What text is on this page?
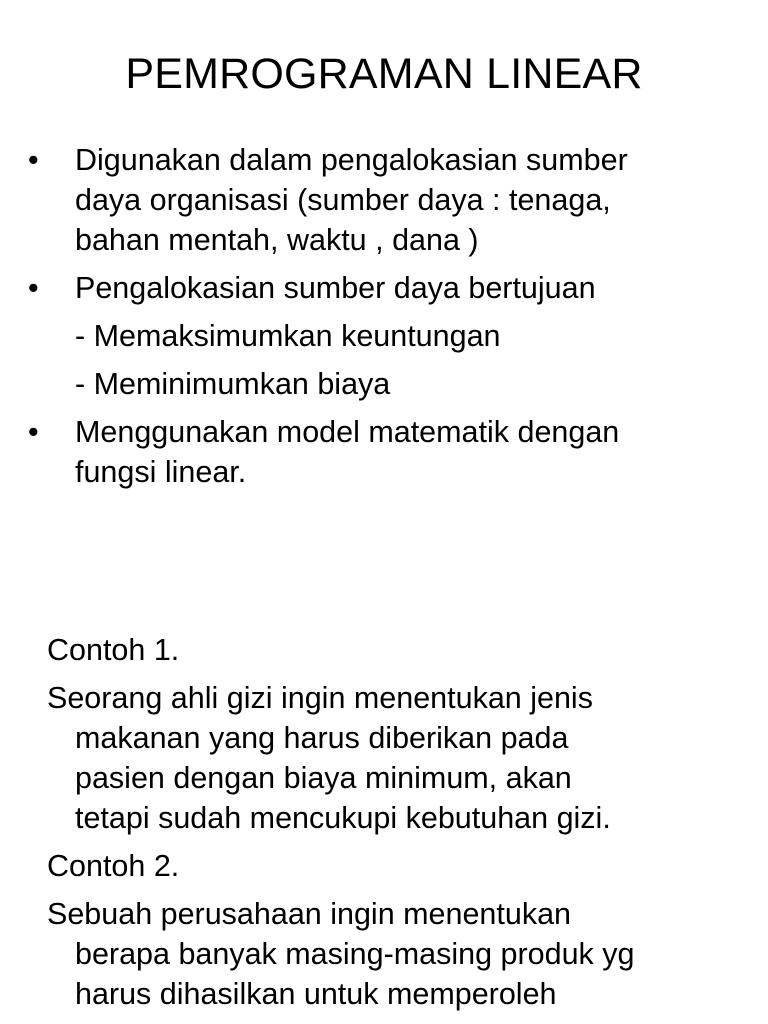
PEMROGRAMAN LINEAR
•	Digunakan dalam pengalokasian sumber
daya organisasi (sumber daya : tenaga,
bahan mentah, waktu , dana )
•	Pengalokasian sumber daya bertujuan
- Memaksimumkan keuntungan
- Meminimumkan biaya
•	Menggunakan model matematik dengan
fungsi linear.
Contoh 1.
Seorang ahli gizi ingin menentukan jenis
makanan yang harus diberikan pada
pasien dengan biaya minimum, akan
tetapi sudah mencukupi kebutuhan gizi.
Contoh 2.
Sebuah perusahaan ingin menentukan
berapa banyak masing-masing produk yg
harus dihasilkan untuk memperoleh
